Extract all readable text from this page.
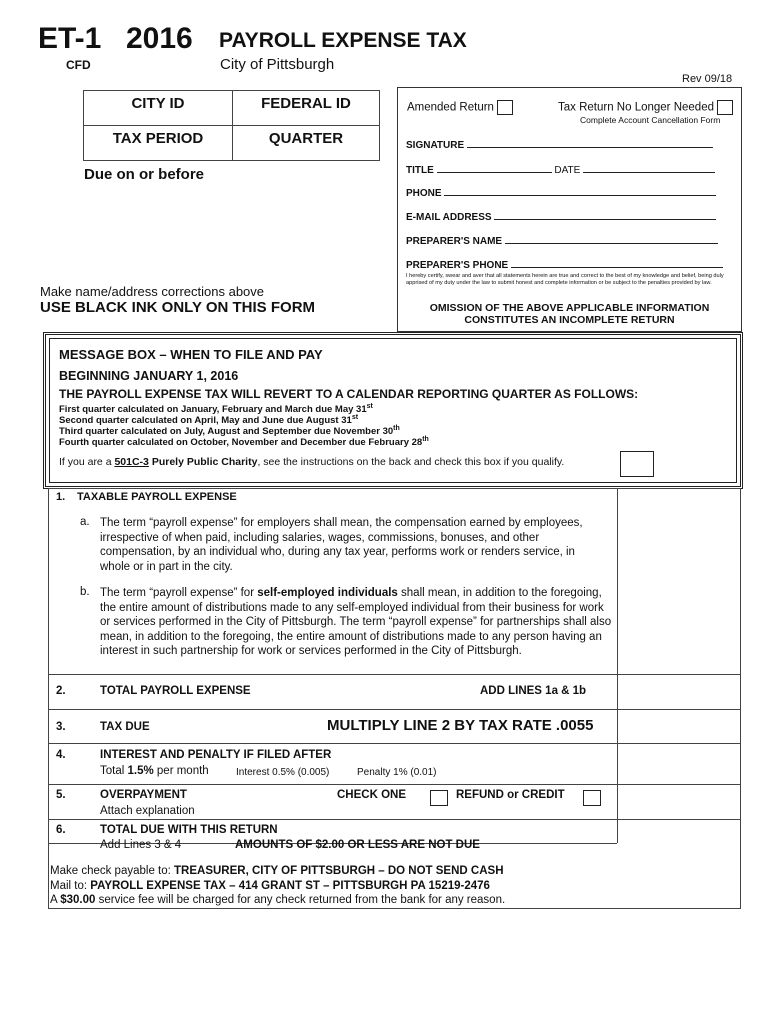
ET-1 2016 PAYROLL EXPENSE TAX
CFD	City of Pittsburgh
Rev 09/18
CITY ID	FEDERAL ID
TAX PERIOD	QUARTER
Due on or before
Make name/address corrections above
USE BLACK INK ONLY ON THIS FORM
Amended Return	Tax Return No Longer Needed
Complete Account Cancellation Form
SIGNATURE
TITLE	DATE
PHONE
E-MAIL ADDRESS
PREPARER'S NAME
PREPARER'S PHONE
I hereby certify, swear and aver that all statements herein are true and correct to the best of my knowledge and belief, being duly apprised of my duty under the law to submit honest and complete information or be subject to the penalties provided by law.
OMISSION OF THE ABOVE APPLICABLE INFORMATION
CONSTITUTES AN INCOMPLETE RETURN
MESSAGE BOX – WHEN TO FILE AND PAY
BEGINNING JANUARY 1, 2016
THE PAYROLL EXPENSE TAX WILL REVERT TO A CALENDAR REPORTING QUARTER AS FOLLOWS:
First quarter calculated on January, February and March due May 31st
Second quarter calculated on April, May and June due August 31st
Third quarter calculated on July, August and September due November 30th
Fourth quarter calculated on October, November and December due February 28th
If you are a 501C-3 Purely Public Charity, see the instructions on the back and check this box if you qualify.
1. TAXABLE PAYROLL EXPENSE
a. The term “payroll expense” for employers shall mean, the compensation earned by employees, irrespective of when paid, including salaries, wages, commissions, bonuses, and other compensation, by an individual who, during any tax year, performs work or renders service, in whole or in part in the city.
b. The term “payroll expense” for self-employed individuals shall mean, in addition to the foregoing, the entire amount of distributions made to any self-employed individual from their business for work or services performed in the City of Pittsburgh. The term “payroll expense” for partnerships shall also mean, in addition to the foregoing, the entire amount of distributions made to any person having an interest in such partnership for work or services performed in the City of Pittsburgh.
2.	TOTAL PAYROLL EXPENSE	ADD LINES 1a & 1b
3.	TAX DUE	MULTIPLY LINE 2 BY TAX RATE .0055
4.	INTEREST AND PENALTY IF FILED AFTER
Total 1.5% per month	Interest 0.5% (0.005)	Penalty 1% (0.01)
5.	OVERPAYMENT
Attach explanation
CHECK ONE	REFUND or CREDIT
6.	TOTAL DUE WITH THIS RETURN
Add Lines 3 & 4	AMOUNTS OF $2.00 OR LESS ARE NOT DUE
Make check payable to: TREASURER, CITY OF PITTSBURGH – DO NOT SEND CASH
Mail to: PAYROLL EXPENSE TAX – 414 GRANT ST – PITTSBURGH PA 15219-2476
A $30.00 service fee will be charged for any check returned from the bank for any reason.
